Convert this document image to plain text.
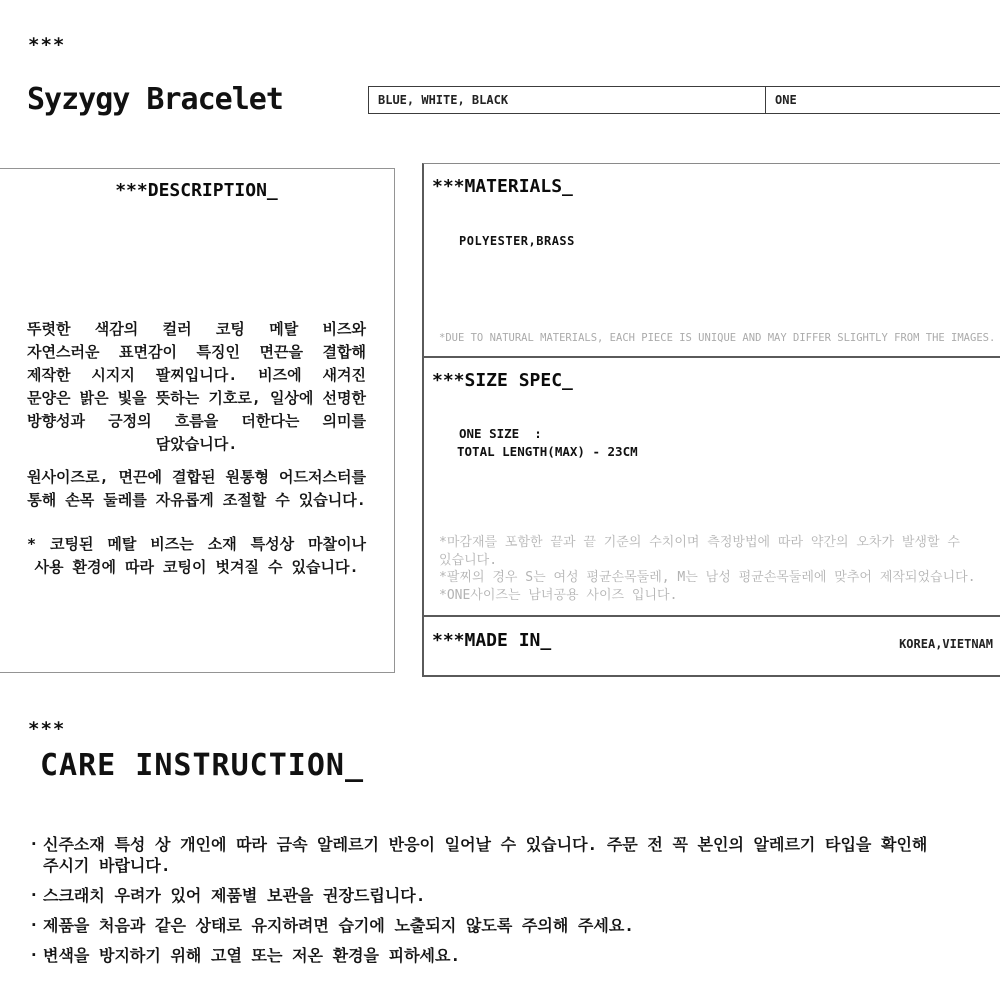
***
Syzygy Bracelet	BLUE, WHITE, BLACK	ONE
***DESCRIPTION_

뚜렷한 색감의 컬러 코팅 메탈 비즈와 자연스러운 표면감이 특징인 면끈을 결합해 제작한 시지지 팔찌입니다. 비즈에 새겨진 문양은 밝은 빛을 뜻하는 기호로, 일상에 선명한 방향성과 긍정의 흐름을 더한다는 의미를 담았습니다.

원사이즈로, 면끈에 결합된 원통형 어드저스터를 통해 손목 둘레를 자유롭게 조절할 수 있습니다.

* 코팅된 메탈 비즈는 소재 특성상 마찰이나 사용 환경에 따라 코팅이 벗겨질 수 있습니다.

***MATERIALS_
POLYESTER,BRASS
*DUE TO NATURAL MATERIALS, EACH PIECE IS UNIQUE AND MAY DIFFER SLIGHTLY FROM THE IMAGES.
***SIZE SPEC_
ONE SIZE  :
TOTAL LENGTH(MAX) - 23CM
*마감재를 포함한 끝과 끝 기준의 수치이며 측정방법에 따라 약간의 오차가 발생할 수 있습니다.
*팔찌의 경우 S는 여성 평균손목둘레, M는 남성 평균손목둘레에 맞추어 제작되었습니다.
*ONE사이즈는 남녀공용 사이즈 입니다.
***MADE IN_	KOREA,VIETNAM
***
CARE INSTRUCTION_
· 신주소재 특성 상 개인에 따라 금속 알레르기 반응이 일어날 수 있습니다. 주문 전 꼭 본인의 알레르기 타입을 확인해 주시기 바랍니다.
· 스크래치 우려가 있어 제품별 보관을 권장드립니다.
· 제품을 처음과 같은 상태로 유지하려면 습기에 노출되지 않도록 주의해 주세요.
· 변색을 방지하기 위해 고열 또는 저온 환경을 피하세요.
